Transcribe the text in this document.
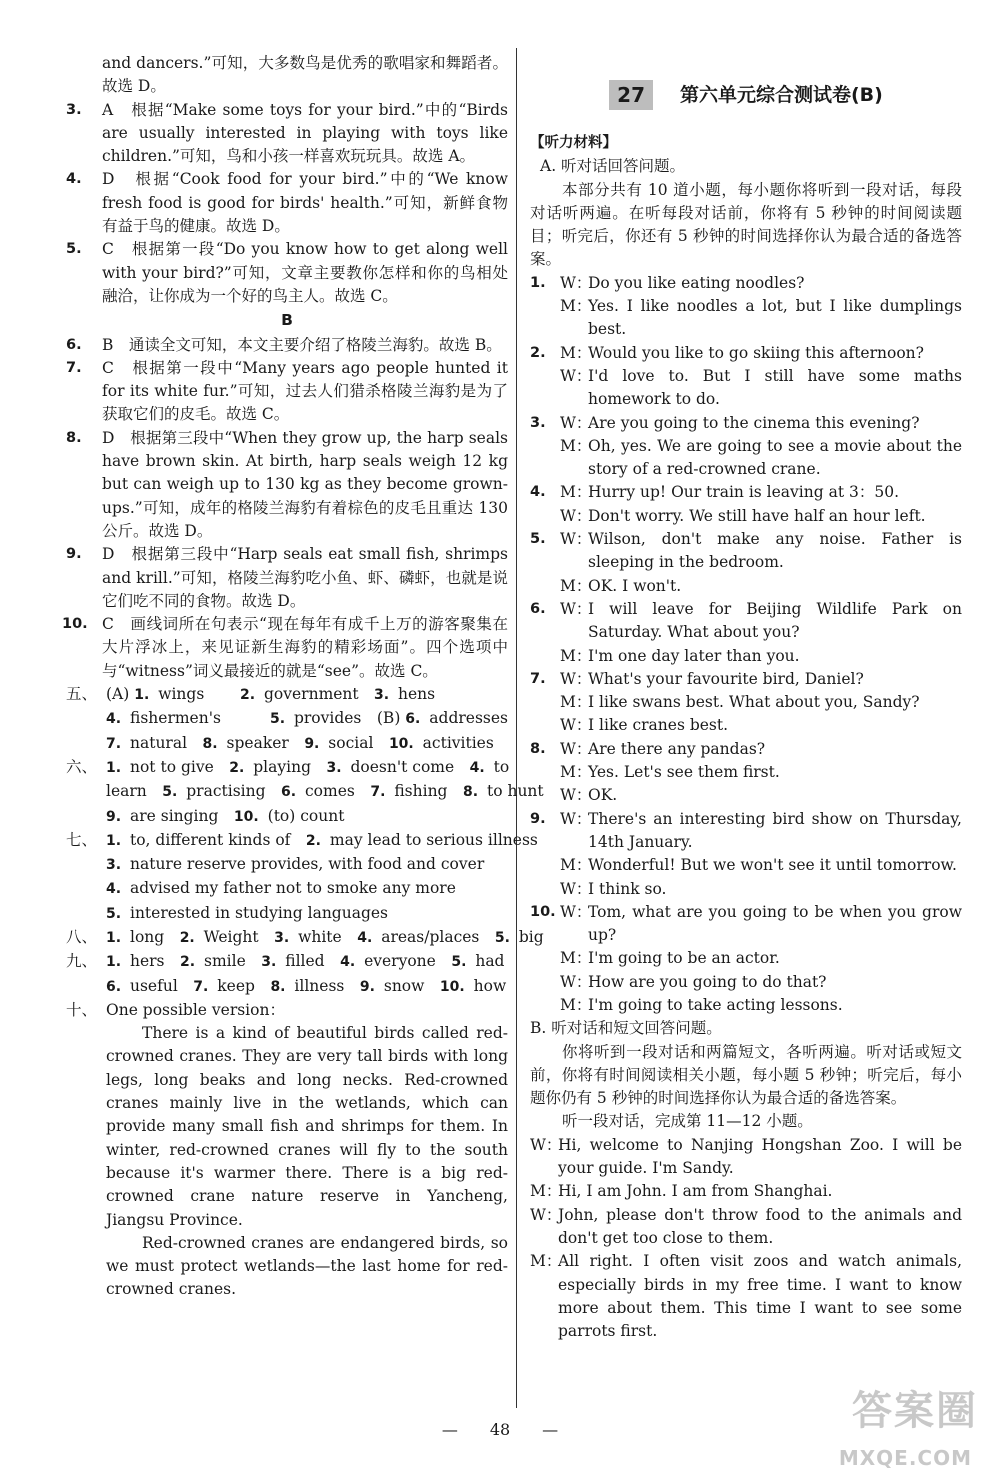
and dancers.”可知，大多数鸟是优秀的歌唱家和舞蹈者。故选 D。

3.	A　根据“Make some toys for your bird.”中的“Birds are usually interested in playing with toys like children.”可知，鸟和小孩一样喜欢玩玩具。故选 A。
4.	D　根据“Cook food for your bird.”中的“We know fresh food is good for birds' health.”可知，新鲜食物有益于鸟的健康。故选 D。
5.	C　根据第一段“Do you know how to get along well with your bird?”可知，文章主要教你怎样和你的鸟相处融洽，让你成为一个好的鸟主人。故选 C。
B
6.	B　通读全文可知，本文主要介绍了格陵兰海豹。故选 B。
7.	C　根据第一段中“Many years ago people hunted it for its white fur.”可知，过去人们猎杀格陵兰海豹是为了获取它们的皮毛。故选 C。
8.	D　根据第三段中“When they grow up, the harp seals have brown skin. At birth, harp seals weigh 12 kg but can weigh up to 130 kg as they become grown-ups.”可知，成年的格陵兰海豹有着棕色的皮毛且重达 130 公斤。故选 D。
9.	D　根据第三段中“Harp seals eat small fish, shrimps and krill.”可知，格陵兰海豹吃小鱼、虾、磷虾，也就是说它们吃不同的食物。故选 D。
10. C　画线词所在句表示“现在每年有成千上万的游客聚集在大片浮冰上，来见证新生海豹的精彩场面”。四个选项中与“witness”词义最接近的就是“see”。故选 C。
五、 (A) 1. wings	2. government	3. hens
4. fishermen's	5. provides　(B) 6. addresses
7. natural 8. speaker 9. social 10. activities
六、 1. not to give 2. playing 3. doesn't come 4. to
learn 5. practising 6. comes 7. fishing 8. to hunt
9. are singing 10. (to) count
七、 1. to, different kinds of 2. may lead to serious illness
3. nature reserve provides, with food and cover
4. advised my father not to smoke any more
5. interested in studying languages
八、 1. long 2. Weight 3. white 4. areas/places 5. big
九、 1. hers 2. smile 3. filled 4. everyone 5. had
6. useful 7. keep 8. illness 9. snow 10. how
十、 One possible version：

There is a kind of beautiful birds called red-crowned cranes. They are very tall birds with long legs, long beaks and long necks. Red-crowned cranes mainly live in the wetlands, which can provide many small fish and shrimps for them. In winter, red-crowned cranes will fly to the south because it's warmer there. There is a big red-crowned crane nature reserve in Yancheng, Jiangsu Province.

Red-crowned cranes are endangered birds, so we must protect wetlands—the last home for red-crowned cranes.

27 第六单元综合测试卷(B)

【听力材料】

A. 听对话回答问题。

本部分共有 10 道小题，每小题你将听到一段对话，每段对话听两遍。在听每段对话前，你将有 5 秒钟的时间阅读题目；听完后，你还有 5 秒钟的时间选择你认为最合适的备选答案。

1. W：
Do you like eating noodles?
M：
Yes. I like noodles a lot, but I like dumplings best.
2. M：
Would you like to go skiing this afternoon?
W：
I'd love to. But I still have some maths homework to do.
3. W：
Are you going to the cinema this evening?
M：
Oh, yes. We are going to see a movie about the story of a red-crowned crane.
4. M：
Hurry up! Our train is leaving at 3：50.
W：
Don't worry. We still have half an hour left.
5. W：
Wilson, don't make any noise. Father is sleeping in the bedroom.
M：
OK. I won't.
6. W：
I will leave for Beijing Wildlife Park on Saturday. What about you?
M：
I'm one day later than you.
7. W：
What's your favourite bird, Daniel?
M：
I like swans best. What about you, Sandy?
W：
I like cranes best.
8. W：
Are there any pandas?
M：
Yes. Let's see them first.
W：
OK.
9. W：
There's an interesting bird show on Thursday, 14th January.
M：
Wonderful! But we won't see it until tomorrow.
W：
I think so.
10. W：
Tom, what are you going to be when you grow up?
M：
I'm going to be an actor.
W：
How are you going to do that?
M：
I'm going to take acting lessons.

B. 听对话和短文回答问题。

你将听到一段对话和两篇短文，各听两遍。听对话或短文前，你将有时间阅读相关小题，每小题 5 秒钟；听完后，每小题你仍有 5 秒钟的时间选择你认为最合适的备选答案。

听一段对话，完成第 11—12 小题。

W：
Hi, welcome to Nanjing Hongshan Zoo. I will be your guide. I'm Sandy.
M：
Hi, I am John. I am from Shanghai.
W：
John, please don't throw food to the animals and don't get too close to them.
M：
All right. I often visit zoos and watch animals, especially birds in my free time. I want to know more about them. This time I want to see some parrots first.
—  48  —	答案圈
MXQE.COM
